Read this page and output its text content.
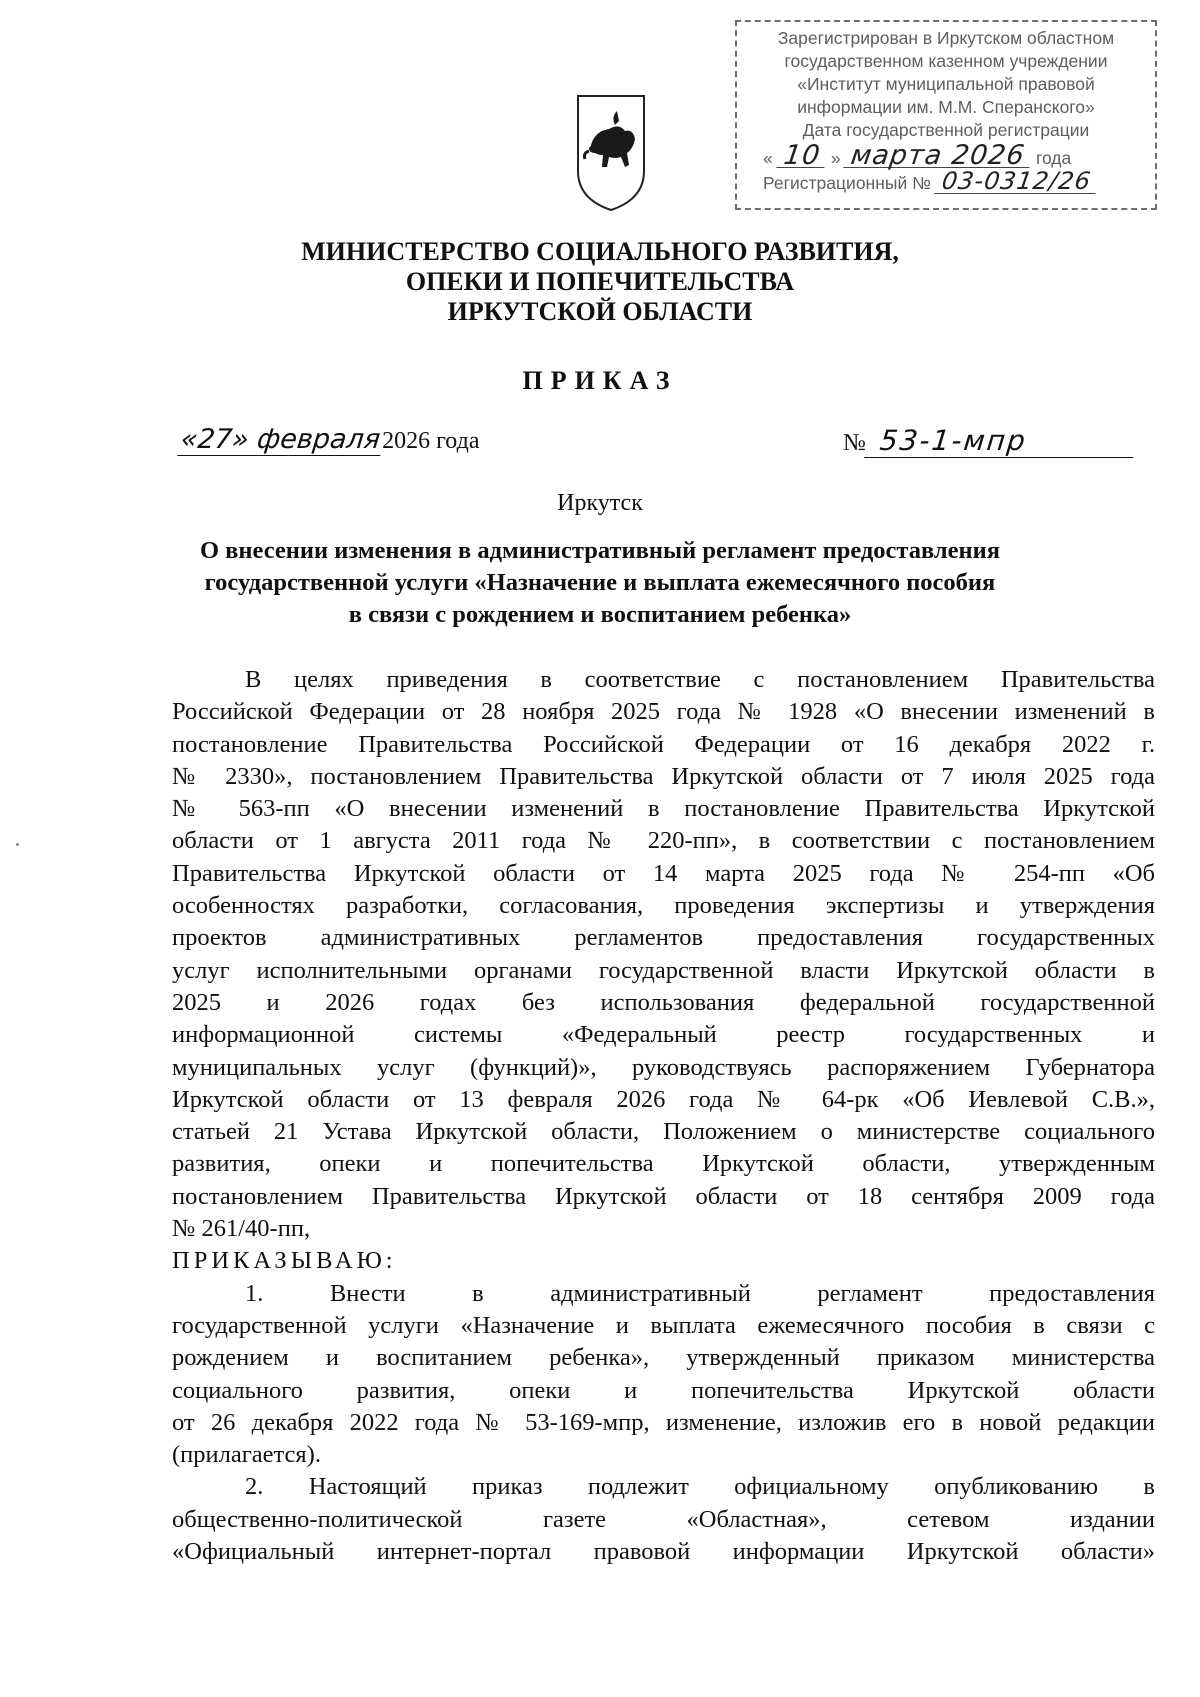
Зарегистрирован в Иркутском областном
государственном казенном учреждении
«Институт муниципальной правовой
информации им. М.М. Сперанского»
Дата государственной регистрации
« 10 » марта 2026 года
Регистрационный № 03-0312/26
МИНИСТЕРСТВО СОЦИАЛЬНОГО РАЗВИТИЯ,
ОПЕКИ И ПОПЕЧИТЕЛЬСТВА
ИРКУТСКОЙ ОБЛАСТИ
ПРИКАЗ
«27» февраля2026 года	№ 53-1-мпр
Иркутск
О внесении изменения в административный регламент предоставления
государственной услуги «Назначение и выплата ежемесячного пособия
в связи с рождением и воспитанием ребенка»

В целях приведения в соответствие с постановлением Правительства
Российской Федерации от 28 ноября 2025 года № 1928 «О внесении изменений в
постановление Правительства Российской Федерации от 16 декабря 2022 г.
№ 2330», постановлением Правительства Иркутской области от 7 июля 2025 года
№ 563-пп «О внесении изменений в постановление Правительства Иркутской
области от 1 августа 2011 года № 220-пп», в соответствии с постановлением
Правительства Иркутской области от 14 марта 2025 года № 254-пп «Об
особенностях разработки, согласования, проведения экспертизы и утверждения
проектов административных регламентов предоставления государственных
услуг исполнительными органами государственной власти Иркутской области в
2025 и 2026 годах без использования федеральной государственной
информационной системы «Федеральный реестр государственных и
муниципальных услуг (функций)», руководствуясь распоряжением Губернатора
Иркутской области от 13 февраля 2026 года № 64-рк «Об Иевлевой С.В.»,
статьей 21 Устава Иркутской области, Положением о министерстве социального
развития, опеки и попечительства Иркутской области, утвержденным
постановлением Правительства Иркутской области от 18 сентября 2009 года
№ 261/40-пп,

ПРИКАЗЫВАЮ:

1. Внести в административный регламент предоставления
государственной услуги «Назначение и выплата ежемесячного пособия в связи с
рождением и воспитанием ребенка», утвержденный приказом министерства
социального развития, опеки и попечительства Иркутской области
от 26 декабря 2022 года № 53-169-мпр, изменение, изложив его в новой редакции
(прилагается).

2. Настоящий приказ подлежит официальному опубликованию в
общественно-политической газете «Областная», сетевом издании
«Официальный интернет-портал правовой информации Иркутской области»
